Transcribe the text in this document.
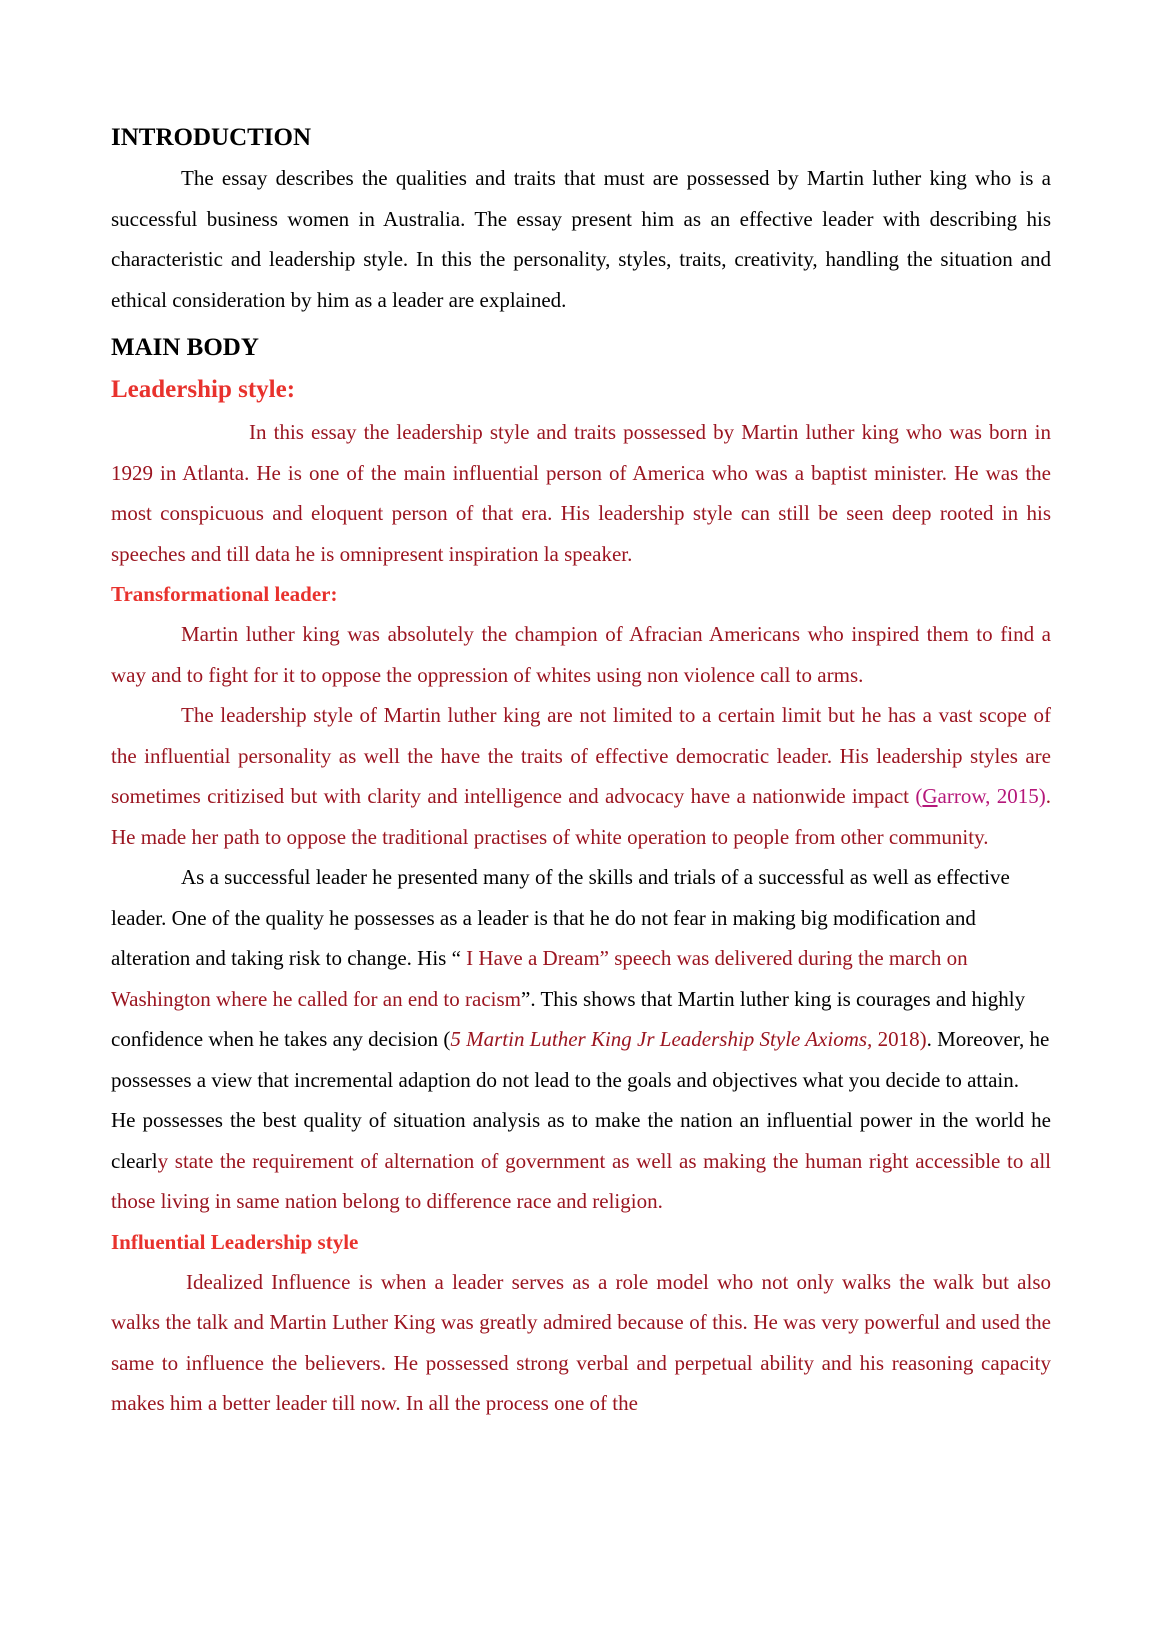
INTRODUCTION

The essay describes the qualities and traits that must are possessed by Martin luther king who is a successful business women in Australia. The essay present him as an effective leader with describing his characteristic and leadership style. In this the personality, styles, traits, creativity, handling the situation and ethical consideration by him as a leader are explained.

MAIN BODY
Leadership style:

In this essay the leadership style and traits possessed by Martin luther king who was born in 1929 in Atlanta. He is one of the main influential person of America who was a baptist minister. He was the most conspicuous and eloquent person of that era. His leadership style can still be seen deep rooted in his speeches and till data he is omnipresent inspiration la speaker.

Transformational leader:

Martin luther king was absolutely the champion of Afracian Americans who inspired them to find a way and to fight for it to oppose the oppression of whites using non violence call to arms.

The leadership style of Martin luther king are not limited to a certain limit but he has a vast scope of the influential personality as well the have the traits of effective democratic leader. His leadership styles are sometimes critizised but with clarity and intelligence and advocacy have a nationwide impact (Garrow, 2015). He made her path to oppose the traditional practises of white operation to people from other community.

As a successful leader he presented many of the skills and trials of a successful as well as effective leader. One of the quality he possesses as a leader is that he do not fear in making big modification and alteration and taking risk to change. His “ I Have a Dream” speech was delivered during the march on Washington where he called for an end to racism”. This shows that Martin luther king is courages and highly confidence when he takes any decision (5 Martin Luther King Jr Leadership Style Axioms, 2018). Moreover, he possesses a view that incremental adaption do not lead to the goals and objectives what you decide to attain.

He possesses the best quality of situation analysis as to make the nation an influential power in the world he clearly state the requirement of alternation of government as well as making the human right accessible to all those living in same nation belong to difference race and religion.

Influential Leadership style

Idealized Influence is when a leader serves as a role model who not only walks the walk but also walks the talk and Martin Luther King was greatly admired because of this. He was very powerful and used the same to influence the believers. He possessed strong verbal and perpetual ability and his reasoning capacity makes him a better leader till now. In all the process one of the
